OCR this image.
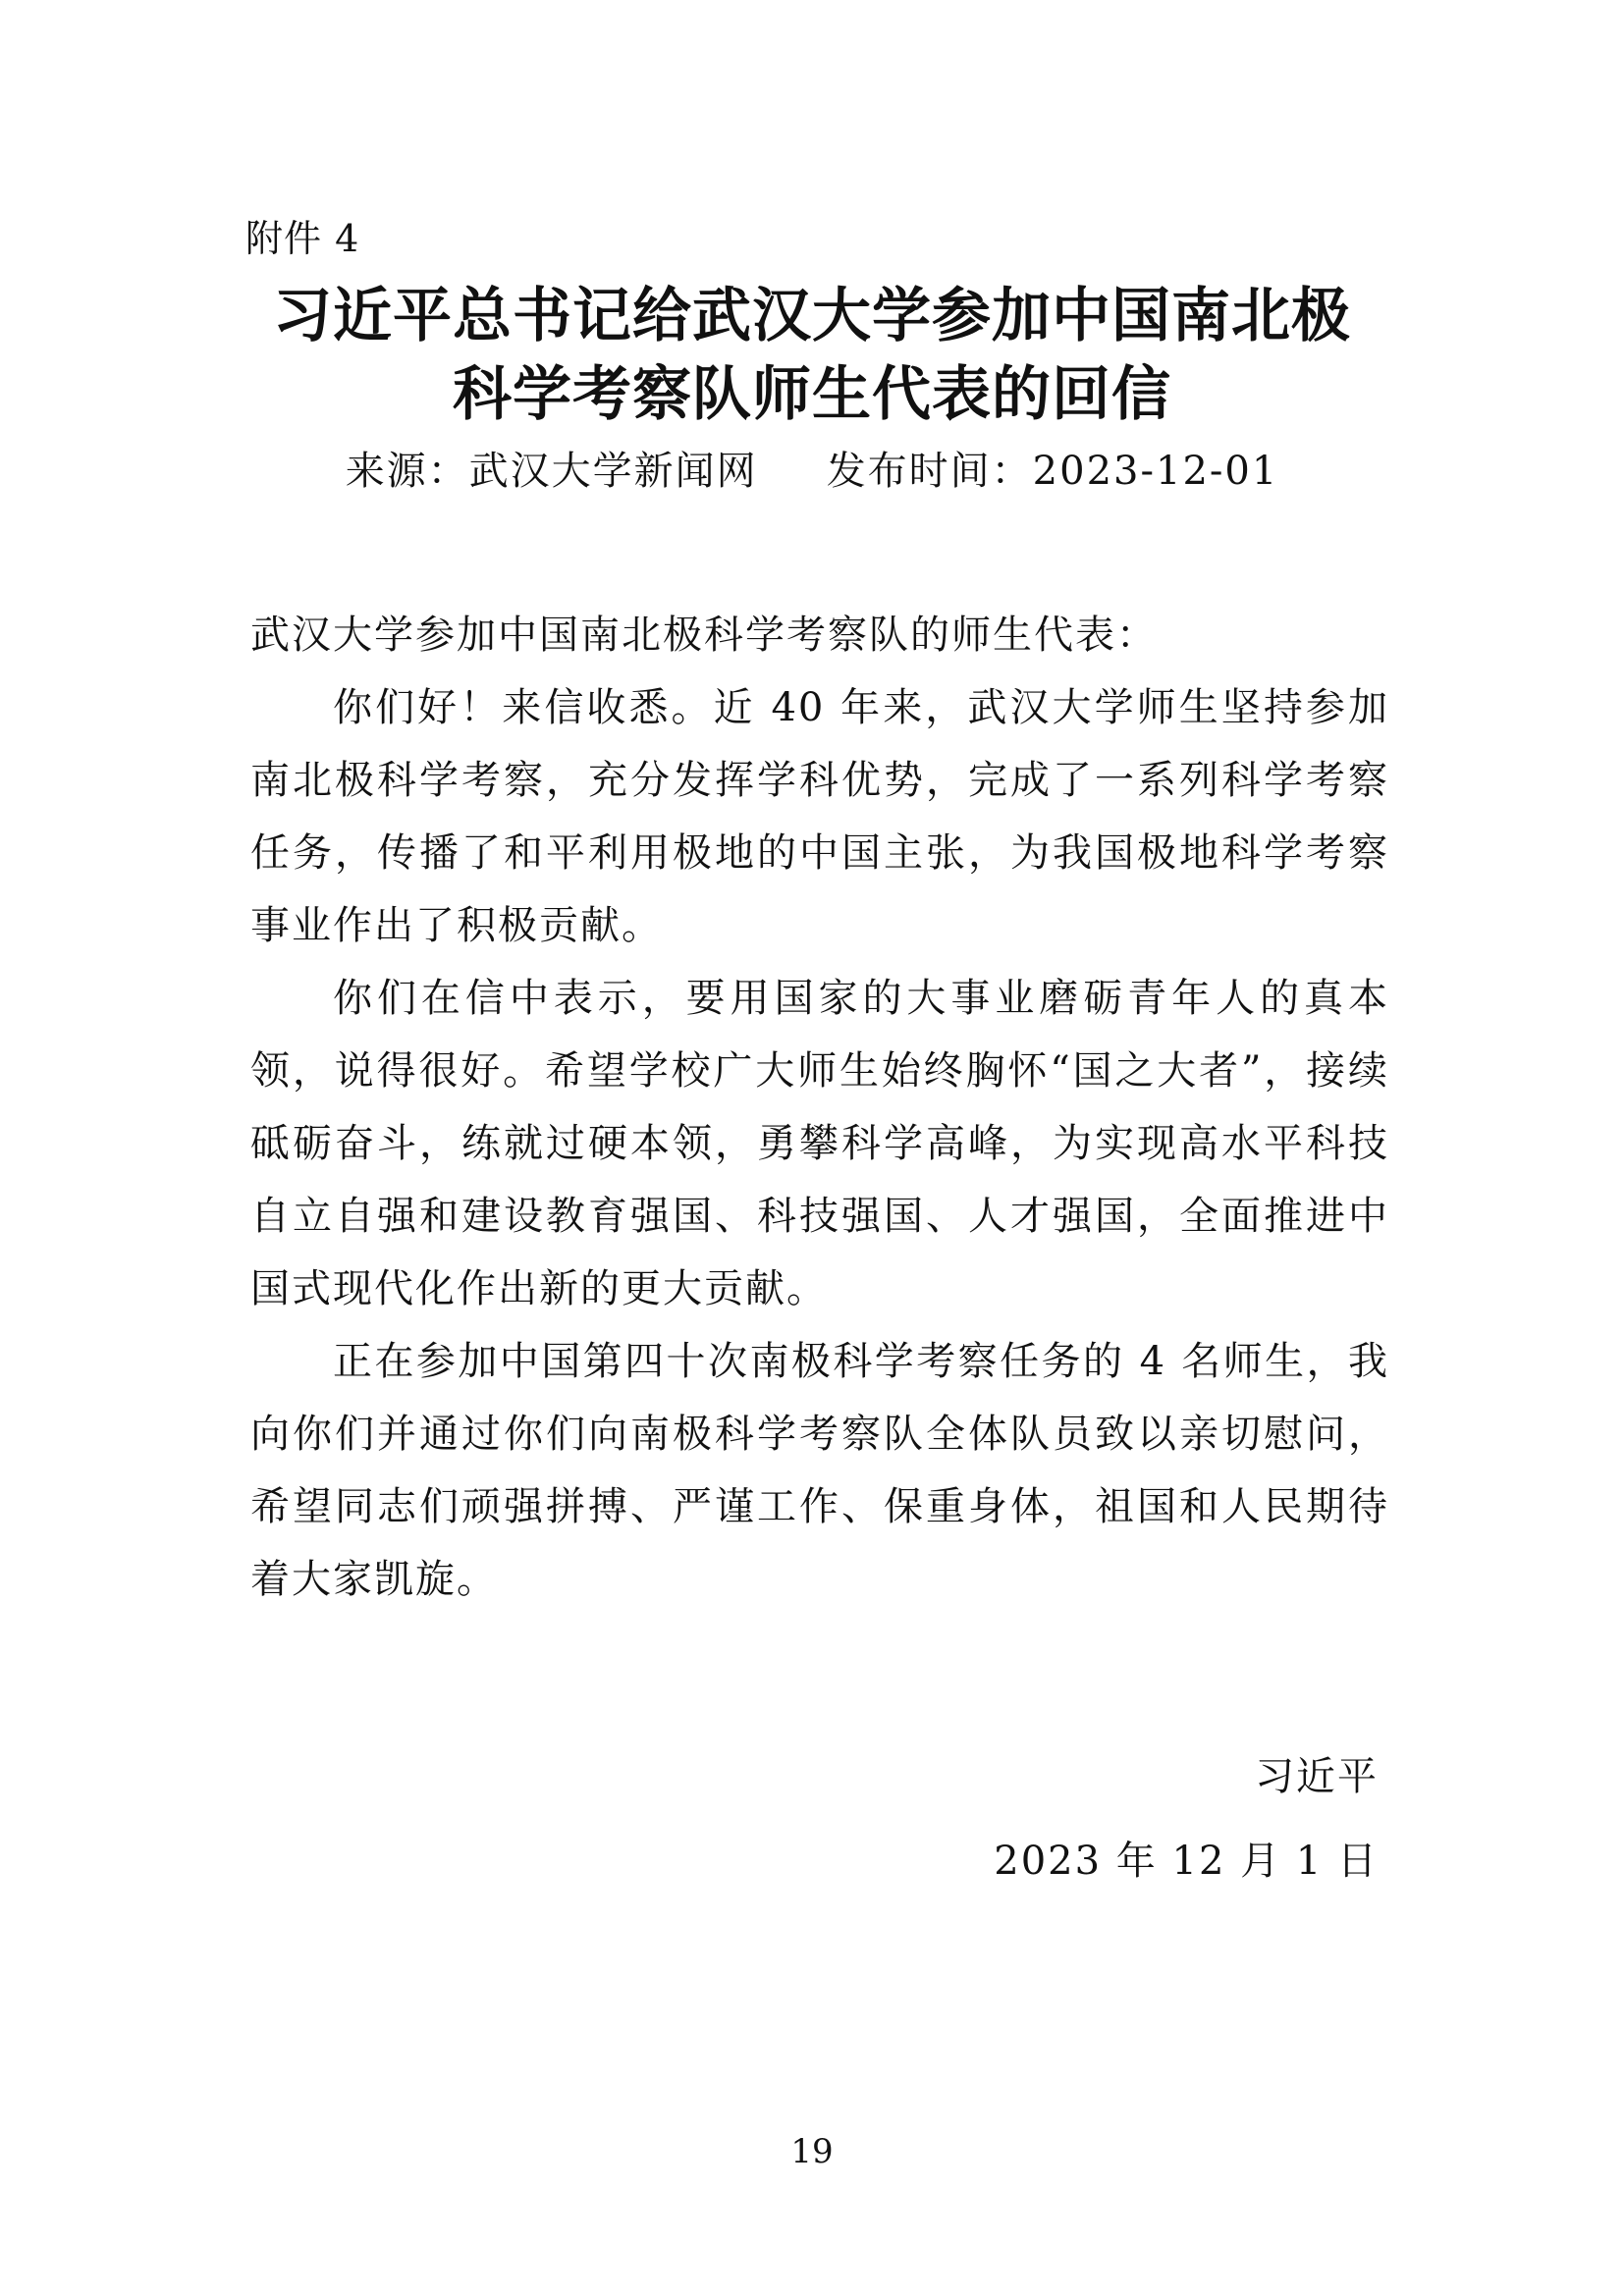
附件 4
习近平总书记给武汉大学参加中国南北极
科学考察队师生代表的回信
来源：武汉大学新闻网 发布时间：2023-12-01

武汉大学参加中国南北极科学考察队的师生代表：

你们好！来信收悉。近 40 年来，武汉大学师生坚持参加南北极科学考察，充分发挥学科优势，完成了一系列科学考察任务，传播了和平利用极地的中国主张，为我国极地科学考察事业作出了积极贡献。

你们在信中表示，要用国家的大事业磨砺青年人的真本领，说得很好。希望学校广大师生始终胸怀“国之大者”，接续砥砺奋斗，练就过硬本领，勇攀科学高峰，为实现高水平科技自立自强和建设教育强国、科技强国、人才强国，全面推进中国式现代化作出新的更大贡献。

正在参加中国第四十次南极科学考察任务的 4 名师生，我向你们并通过你们向南极科学考察队全体队员致以亲切慰问，希望同志们顽强拼搏、严谨工作、保重身体，祖国和人民期待着大家凯旋。

习近平
2023 年 12 月 1 日
19
